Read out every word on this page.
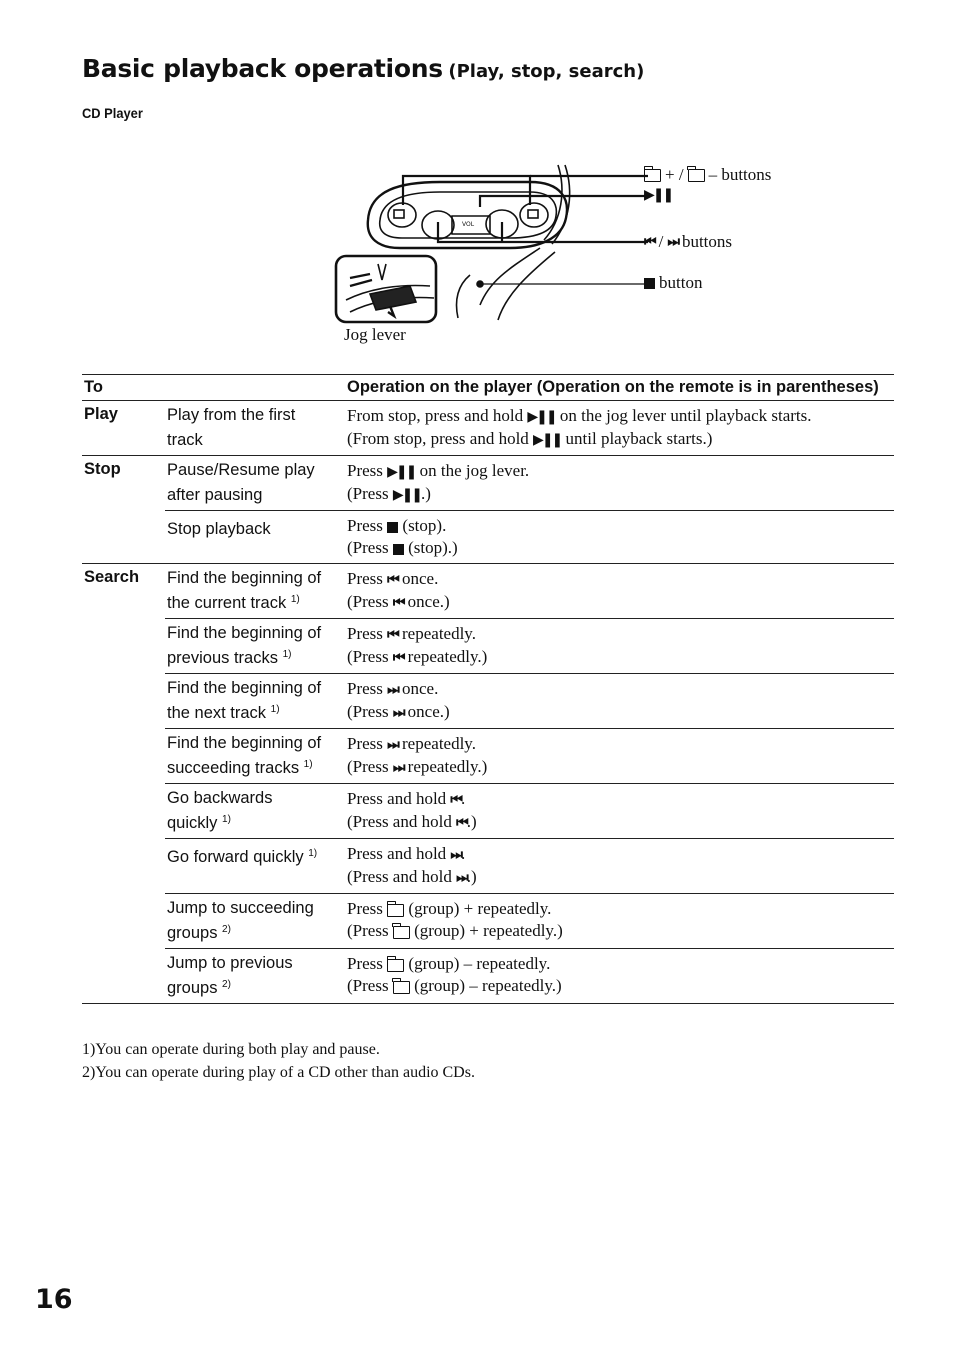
Basic playback operations (Play, stop, search)
CD Player
VOL
+ / – buttons
▶❚❚
⏮ / ⏭ buttons
button
Jog lever
To		Operation on the player (Operation on the remote is in parentheses)
Play	Play from the first track	From stop, press and hold ▶❚❚ on the jog lever until playback starts.
(From stop, press and hold ▶❚❚ until playback starts.)

Stop	Pause/Resume play after pausing	Press ▶❚❚ on the jog lever.
(Press ▶❚❚.)

	Stop playback	Press  (stop).
(Press  (stop).)

Search	Find the beginning of the current track $^{1)}$	Press ⏮ once.
(Press ⏮ once.)

	Find the beginning of previous tracks $^{1)}$	Press ⏮ repeatedly.
(Press ⏮ repeatedly.)

	Find the beginning of the next track $^{1)}$	Press ⏭ once.
(Press ⏭ once.)

	Find the beginning of succeeding tracks $^{1)}$	Press ⏭ repeatedly.
(Press ⏭ repeatedly.)

	Go backwards quickly $^{1)}$	Press and hold ⏮.
(Press and hold ⏮.)

	Go forward quickly $^{1)}$	Press and hold ⏭.
(Press and hold ⏭.)

	Jump to succeeding groups $^{2)}$	Press  (group) + repeatedly.
(Press  (group) + repeatedly.)

	Jump to previous groups $^{2)}$	Press  (group) – repeatedly.
(Press  (group) – repeatedly.)
1)You can operate during both play and pause.
2)You can operate during play of a CD other than audio CDs.
16
